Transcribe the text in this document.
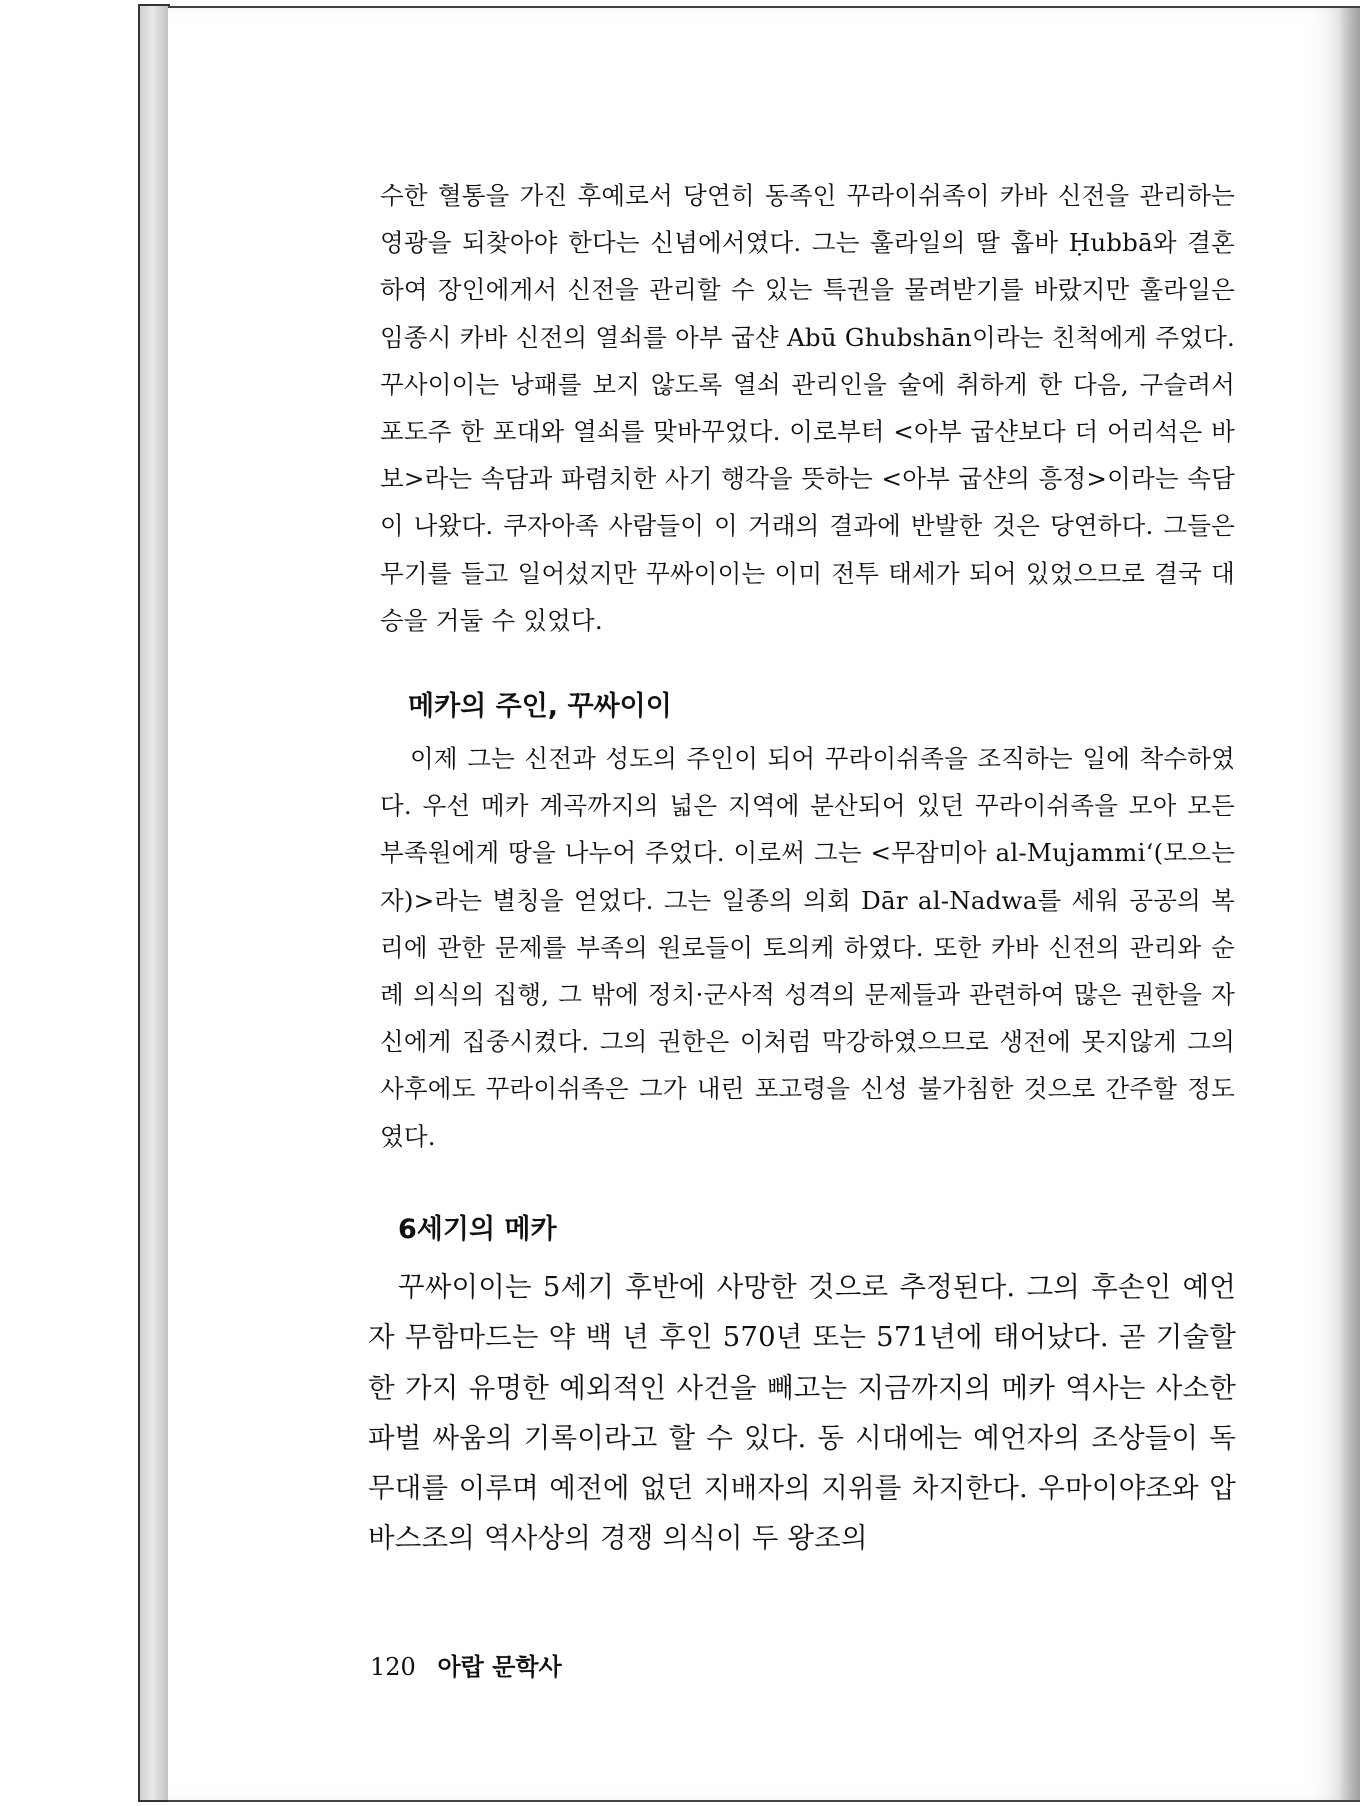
수한 혈통을 가진 후예로서 당연히 동족인 꾸라이쉬족이 카바 신전을 관리하는 영광을 되찾아야 한다는 신념에서였다. 그는 훌라일의 딸 훕바 Ḥubbā와 결혼하여 장인에게서 신전을 관리할 수 있는 특권을 물려받기를 바랐지만 훌라일은 임종시 카바 신전의 열쇠를 아부 굽샨 Abū Ghubshān이라는 친척에게 주었다. 꾸사이이는 낭패를 보지 않도록 열쇠 관리인을 술에 취하게 한 다음, 구슬려서 포도주 한 포대와 열쇠를 맞바꾸었다. 이로부터 <아부 굽샨보다 더 어리석은 바보>라는 속담과 파렴치한 사기 행각을 뜻하는 <아부 굽샨의 흥정>이라는 속담이 나왔다. 쿠자아족 사람들이 이 거래의 결과에 반발한 것은 당연하다. 그들은 무기를 들고 일어섰지만 꾸싸이이는 이미 전투 태세가 되어 있었으므로 결국 대승을 거둘 수 있었다.

메카의 주인, 꾸싸이이

이제 그는 신전과 성도의 주인이 되어 꾸라이쉬족을 조직하는 일에 착수하였다. 우선 메카 계곡까지의 넓은 지역에 분산되어 있던 꾸라이쉬족을 모아 모든 부족원에게 땅을 나누어 주었다. 이로써 그는 <무잠미아 al-Mujammi‘(모으는 자)>라는 별칭을 얻었다. 그는 일종의 의회 Dār al-Nadwa를 세워 공공의 복리에 관한 문제를 부족의 원로들이 토의케 하였다. 또한 카바 신전의 관리와 순례 의식의 집행, 그 밖에 정치·군사적 성격의 문제들과 관련하여 많은 권한을 자신에게 집중시켰다. 그의 권한은 이처럼 막강하였으므로 생전에 못지않게 그의 사후에도 꾸라이쉬족은 그가 내린 포고령을 신성 불가침한 것으로 간주할 정도였다.

6세기의 메카

꾸싸이이는 5세기 후반에 사망한 것으로 추정된다. 그의 후손인 예언자 무함마드는 약 백 년 후인 570년 또는 571년에 태어났다. 곧 기술할 한 가지 유명한 예외적인 사건을 빼고는 지금까지의 메카 역사는 사소한 파벌 싸움의 기록이라고 할 수 있다. 동 시대에는 예언자의 조상들이 독무대를 이루며 예전에 없던 지배자의 지위를 차지한다. 우마이야조와 압바스조의 역사상의 경쟁 의식이 두 왕조의

120 아랍 문학사
